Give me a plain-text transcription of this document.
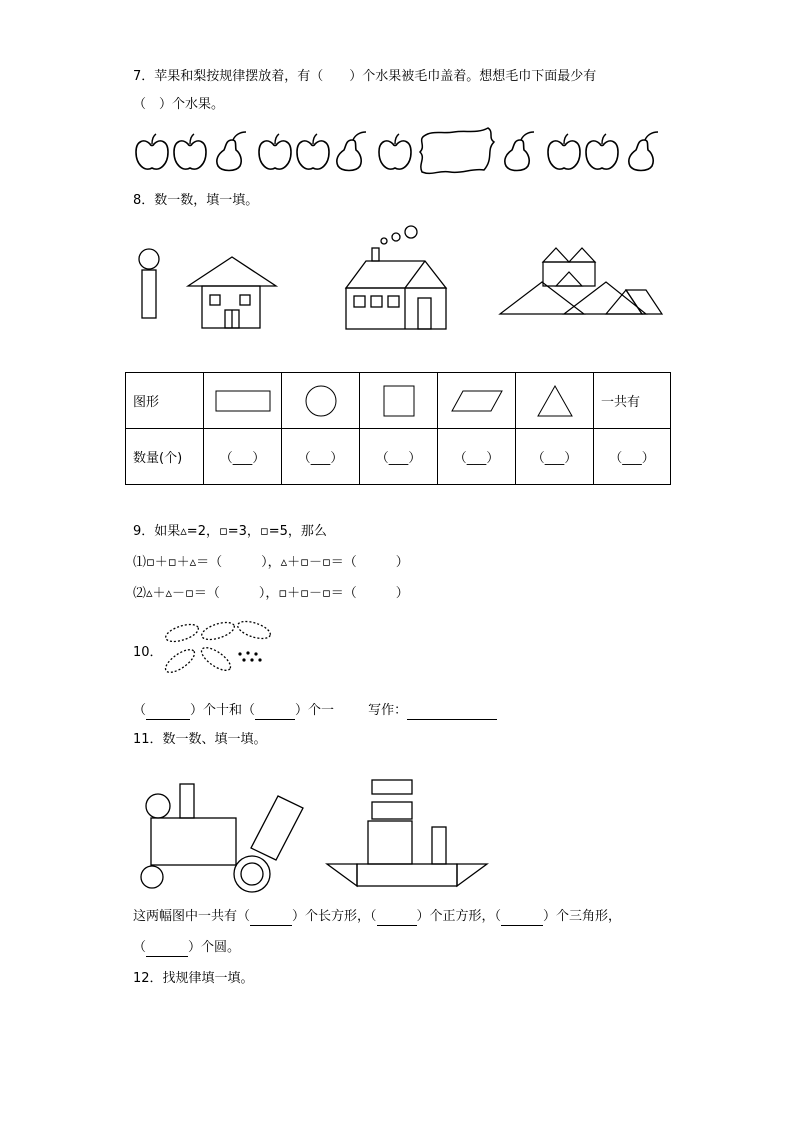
7．苹果和梨按规律摆放着，有（　　）个水果被毛巾盖着。想想毛巾下面最少有
（　）个水果。
8．数一数，填一填。
图形						一共有
数量(个)	（___）	（___）	（___）	（___）	（___）	（___）
9．如果▵=2，▫=3，▫=5，那么
⑴▫＋▫＋▵＝（　　　），▵＋▫－▫＝（　　　）
⑵▵＋▵－▫＝（　　　），▫＋▫－▫＝（　　　）
10．
（	）个十和（	）个一	写作：
11．数一数、填一填。
这两幅图中一共有（	）个长方形，（	）个正方形，（	）个三角形，
（	）个圆。
12．找规律填一填。
